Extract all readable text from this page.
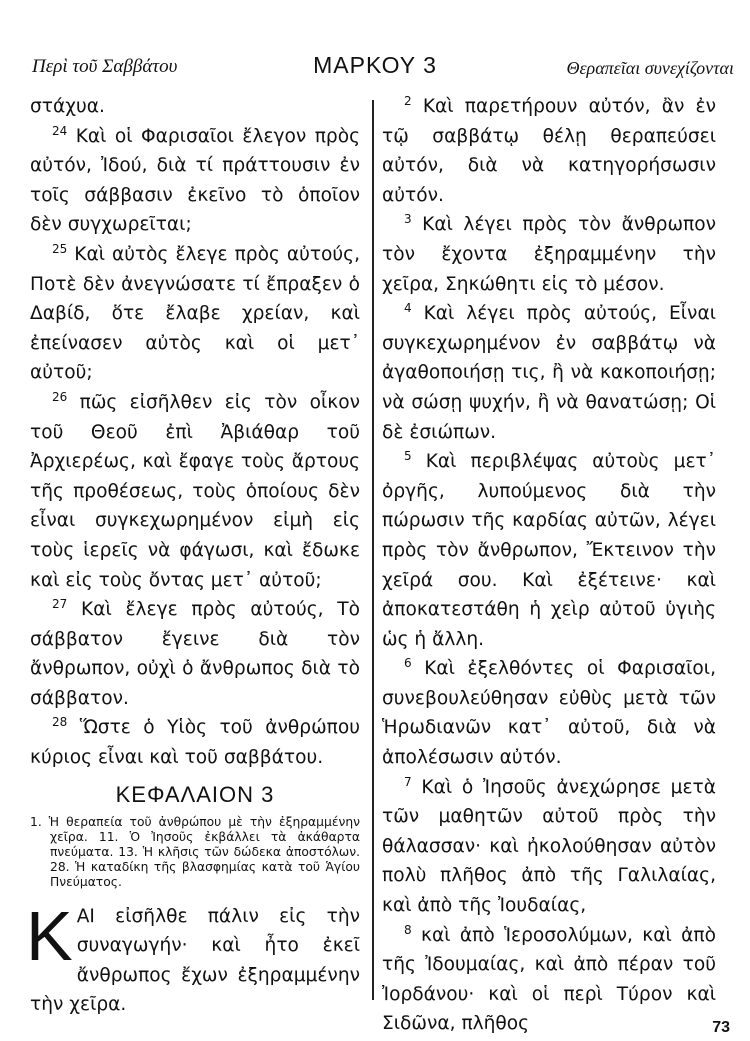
Περὶ τοῦ Σαββάτου	ΜΑΡΚΟΥ 3	Θεραπεῖαι συνεχίζονται

στάχυα.

$^{24}$ Καὶ οἱ Φαρισαῖοι ἔλεγον πρὸς αὐτόν, Ἰδού, διὰ τί πράττουσιν ἐν τοῖς σάββασιν ἐκεῖνο τὸ ὁποῖον δὲν συγχωρεῖται;

$^{25}$ Καὶ αὐτὸς ἔλεγε πρὸς αὐτούς, Ποτὲ δὲν ἀνεγνώσατε τί ἔπραξεν ὁ Δαβίδ, ὅτε ἔλαβε χρείαν, καὶ ἐπείνασεν αὐτὸς καὶ οἱ μετ᾽ αὐτοῦ;

$^{26}$ πῶς εἰσῆλθεν εἰς τὸν οἶκον τοῦ Θεοῦ ἐπὶ Ἀβιάθαρ τοῦ Ἀρχιερέως, καὶ ἔφαγε τοὺς ἄρτους τῆς προθέσεως, τοὺς ὁποίους δὲν εἶναι συγκεχωρημένον εἰμὴ εἰς τοὺς ἱερεῖς νὰ φάγωσι, καὶ ἔδωκε καὶ εἰς τοὺς ὄντας μετ᾽ αὐτοῦ;

$^{27}$ Καὶ ἔλεγε πρὸς αὐτούς, Τὸ σάββατον ἔγεινε διὰ τὸν ἄνθρωπον, οὐχὶ ὁ ἄνθρωπος διὰ τὸ σάββατον.

$^{28}$ Ὥστε ὁ Υἱὸς τοῦ ἀνθρώπου κύριος εἶναι καὶ τοῦ σαββάτου.

ΚΕΦΑΛΑΙΟΝ 3

1. Ἡ θεραπεία τοῦ ἀνθρώπου μὲ τὴν ἐξηραμμένην χεῖρα. 11. Ὁ Ἰησοῦς ἐκβάλλει τὰ ἀκάθαρτα πνεύματα. 13. Ἡ κλῆσις τῶν δώδεκα ἀποστόλων. 28. Ἡ καταδίκη τῆς βλασφημίας κατὰ τοῦ Ἁγίου Πνεύματος.

ΚΑΙ εἰσῆλθε πάλιν εἰς τὴν συναγωγήν· καὶ ἦτο ἐκεῖ ἄνθρωπος ἔχων ἐξηραμμένην τὴν χεῖρα.

$^2$ Καὶ παρετήρουν αὐτόν, ἂν ἐν τῷ σαββάτῳ θέλῃ θεραπεύσει αὐτόν, διὰ νὰ κατηγορήσωσιν αὐτόν.

$^3$ Καὶ λέγει πρὸς τὸν ἄνθρωπον τὸν ἔχοντα ἐξηραμμένην τὴν χεῖρα, Σηκώθητι εἰς τὸ μέσον.

$^4$ Καὶ λέγει πρὸς αὐτούς, Εἶναι συγκεχωρημένον ἐν σαββάτῳ νὰ ἀγαθοποιήσῃ τις, ἢ νὰ κακοποιήσῃ; νὰ σώσῃ ψυχήν, ἢ νὰ θανατώσῃ; Οἱ δὲ ἐσιώπων.

$^5$ Καὶ περιβλέψας αὐτοὺς μετ᾽ ὀργῆς, λυπούμενος διὰ τὴν πώρωσιν τῆς καρδίας αὐτῶν, λέγει πρὸς τὸν ἄνθρωπον, Ἔκτεινον τὴν χεῖρά σου. Καὶ ἐξέτεινε· καὶ ἀποκατεστάθη ἡ χεὶρ αὐτοῦ ὑγιὴς ὡς ἡ ἄλλη.

$^6$ Καὶ ἐξελθόντες οἱ Φαρισαῖοι, συνεβουλεύθησαν εὐθὺς μετὰ τῶν Ἡρωδιανῶν κατ᾽ αὐτοῦ, διὰ νὰ ἀπολέσωσιν αὐτόν.

$^7$ Καὶ ὁ Ἰησοῦς ἀνεχώρησε μετὰ τῶν μαθητῶν αὐτοῦ πρὸς τὴν θάλασσαν· καὶ ἠκολούθησαν αὐτὸν πολὺ πλῆθος ἀπὸ τῆς Γαλιλαίας, καὶ ἀπὸ τῆς Ἰουδαίας,

$^8$ καὶ ἀπὸ Ἱεροσολύμων, καὶ ἀπὸ τῆς Ἰδουμαίας, καὶ ἀπὸ πέραν τοῦ Ἰορδάνου· καὶ οἱ περὶ Τύρον καὶ Σιδῶνα, πλῆθος	73
